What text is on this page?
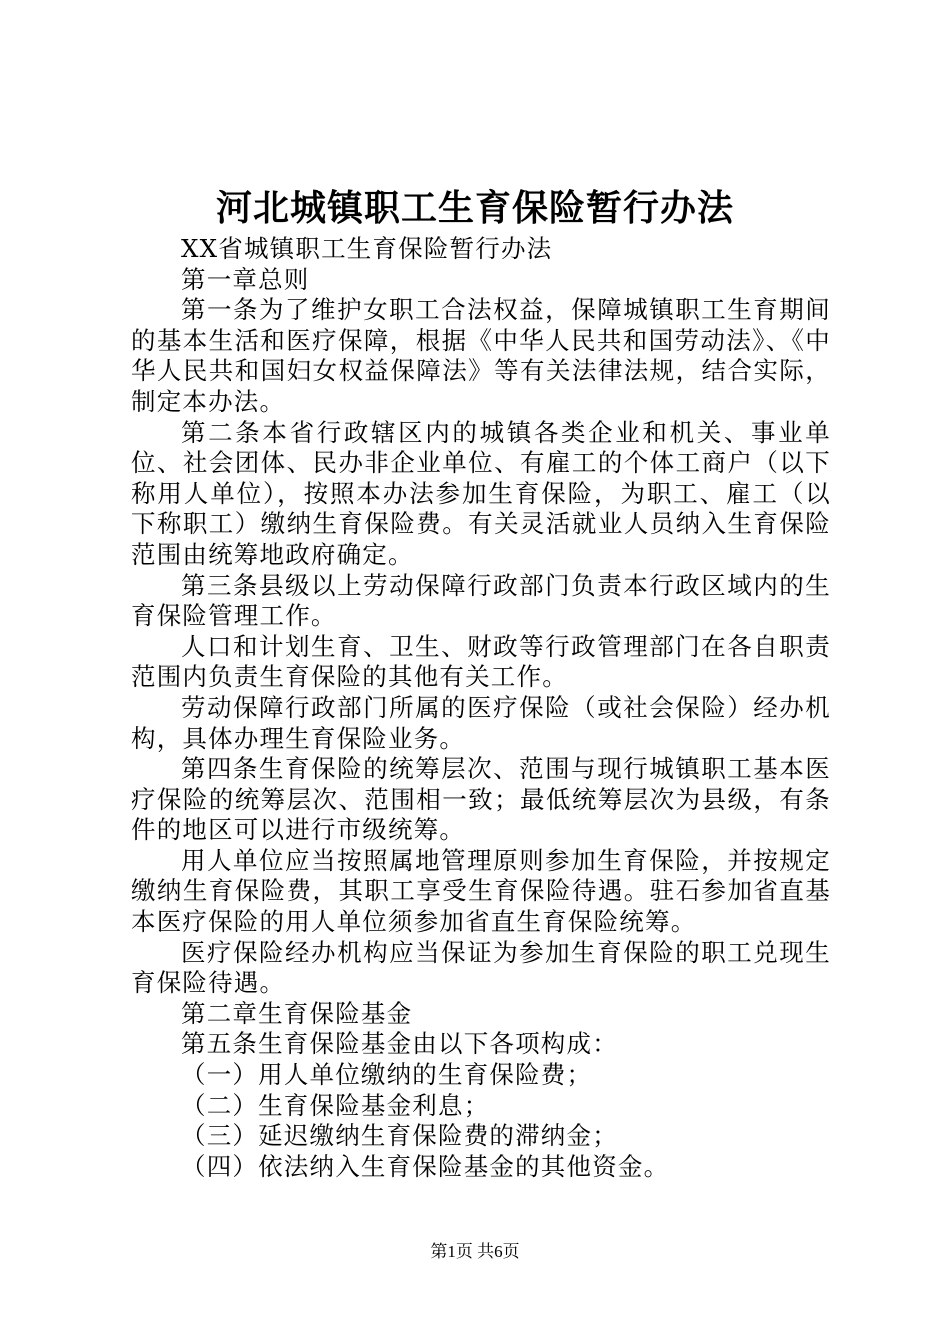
河北城镇职工生育保险暂行办法

XX省城镇职工生育保险暂行办法

第一章总则

第一条为了维护女职工合法权益，保障城镇职工生育期间的基本生活和医疗保障，根据《中华人民共和国劳动法》、《中华人民共和国妇女权益保障法》等有关法律法规，结合实际，制定本办法。

第二条本省行政辖区内的城镇各类企业和机关、事业单位、社会团体、民办非企业单位、有雇工的个体工商户（以下称用人单位），按照本办法参加生育保险，为职工、雇工（以下称职工）缴纳生育保险费。有关灵活就业人员纳入生育保险范围由统筹地政府确定。

第三条县级以上劳动保障行政部门负责本行政区域内的生育保险管理工作。

人口和计划生育、卫生、财政等行政管理部门在各自职责范围内负责生育保险的其他有关工作。

劳动保障行政部门所属的医疗保险（或社会保险）经办机构，具体办理生育保险业务。

第四条生育保险的统筹层次、范围与现行城镇职工基本医疗保险的统筹层次、范围相一致；最低统筹层次为县级，有条件的地区可以进行市级统筹。

用人单位应当按照属地管理原则参加生育保险，并按规定缴纳生育保险费，其职工享受生育保险待遇。驻石参加省直基本医疗保险的用人单位须参加省直生育保险统筹。

医疗保险经办机构应当保证为参加生育保险的职工兑现生育保险待遇。

第二章生育保险基金

第五条生育保险基金由以下各项构成：

（一）用人单位缴纳的生育保险费；

（二）生育保险基金利息；

（三）延迟缴纳生育保险费的滞纳金；

（四）依法纳入生育保险基金的其他资金。

第1页 共6页
